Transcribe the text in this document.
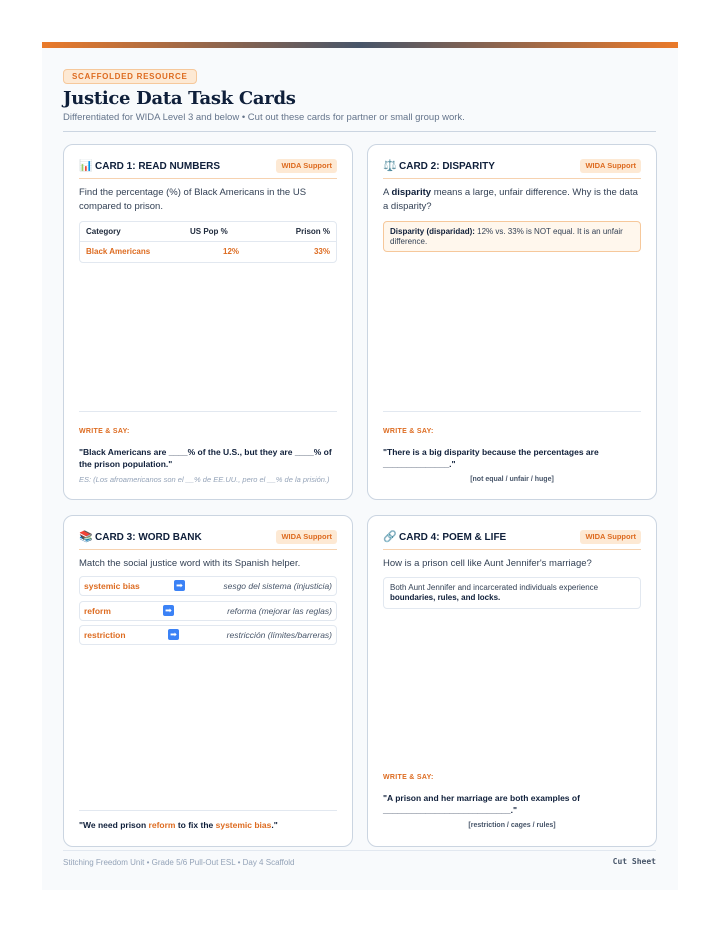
SCAFFOLDED RESOURCE
Justice Data Task Cards
Differentiated for WIDA Level 3 and below • Cut out these cards for partner or small group work.
📊 CARD 1: READ NUMBERS	WIDA Support
Find the percentage (%) of Black Americans in the US compared to prison.
Category	US Pop %	Prison %
Black Americans	12%	33%
WRITE & SAY:
"Black Americans are ____% of the U.S., but they are ____% of the prison population."
ES: (Los afroamericanos son el __% de EE.UU., pero el __% de la prisión.)
⚖️ CARD 2: DISPARITY	WIDA Support
A disparity means a large, unfair difference. Why is the data a disparity?
Disparity (disparidad): 12% vs. 33% is NOT equal. It is an unfair difference.
WRITE & SAY:
"There is a big disparity because the percentages are ______________."
[not equal / unfair / huge]
📚 CARD 3: WORD BANK	WIDA Support
Match the social justice word with its Spanish helper.
systemic bias	➡	sesgo del sistema (injusticia)
reform	➡	reforma (mejorar las reglas)
restriction	➡	restricción (límites/barreras)
"We need prison reform to fix the systemic bias."
🔗 CARD 4: POEM & LIFE	WIDA Support
How is a prison cell like Aunt Jennifer's marriage?
Both Aunt Jennifer and incarcerated individuals experience boundaries, rules, and locks.
WRITE & SAY:
"A prison and her marriage are both examples of ___________________________."
[restriction / cages / rules]
Stitching Freedom Unit • Grade 5/6 Pull-Out ESL • Day 4 Scaffold	Cut Sheet
